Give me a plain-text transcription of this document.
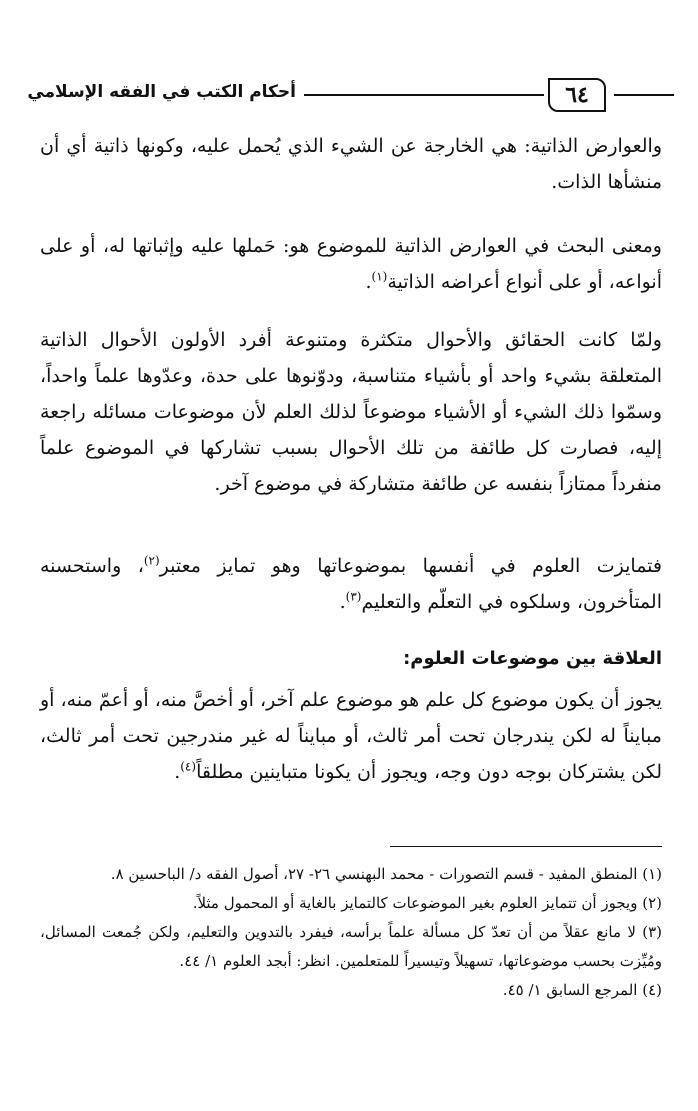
٦٤
أحكام الكتب في الفقه الإسلامي

والعوارض الذاتية: هي الخارجة عن الشيء الذي يُحمل عليه، وكونها ذاتية أي أن منشأها الذات.

ومعنى البحث في العوارض الذاتية للموضوع هو: حَملها عليه وإثباتها له، أو على أنواعه، أو على أنواع أعراضه الذاتية$^{(١)}$.

ولمّا كانت الحقائق والأحوال متكثرة ومتنوعة أفرد الأولون الأحوال الذاتية المتعلقة بشيء واحد أو بأشياء متناسبة، ودوّنوها على حدة، وعدّوها علماً واحداً، وسمّوا ذلك الشيء أو الأشياء موضوعاً لذلك العلم لأن موضوعات مسائله راجعة إليه، فصارت كل طائفة من تلك الأحوال بسبب تشاركها في الموضوع علماً منفرداً ممتازاً بنفسه عن طائفة متشاركة في موضوع آخر.

فتمايزت العلوم في أنفسها بموضوعاتها وهو تمايز معتبر$^{(٢)}$، واستحسنه المتأخرون، وسلكوه في التعلّم والتعليم$^{(٣)}$.

العلاقة بين موضوعات العلوم:

يجوز أن يكون موضوع كل علم هو موضوع علم آخر، أو أخصَّ منه، أو أعمّ منه، أو مبايناً له لكن يندرجان تحت أمر ثالث، أو مبايناً له غير مندرجين تحت أمر ثالث، لكن يشتركان بوجه دون وجه، ويجوز أن يكونا متباينين مطلقاً$^{(٤)}$.

(١) المنطق المفيد - قسم التصورات - محمد البهنسي ٢٦- ٢٧، أصول الفقه د/ الباحسين ٨.

(٢) ويجوز أن تتمايز العلوم بغير الموضوعات كالتمايز بالغاية أو المحمول مثلاً.

(٣) لا مانع عقلاً من أن تعدّ كل مسألة علماً برأسه، فيفرد بالتدوين والتعليم، ولكن جُمعت المسائل، ومُيِّزت بحسب موضوعاتها، تسهيلاً وتيسيراً للمتعلمين. انظر: أبجد العلوم ١/ ٤٤.

(٤) المرجع السابق ١/ ٤٥.
